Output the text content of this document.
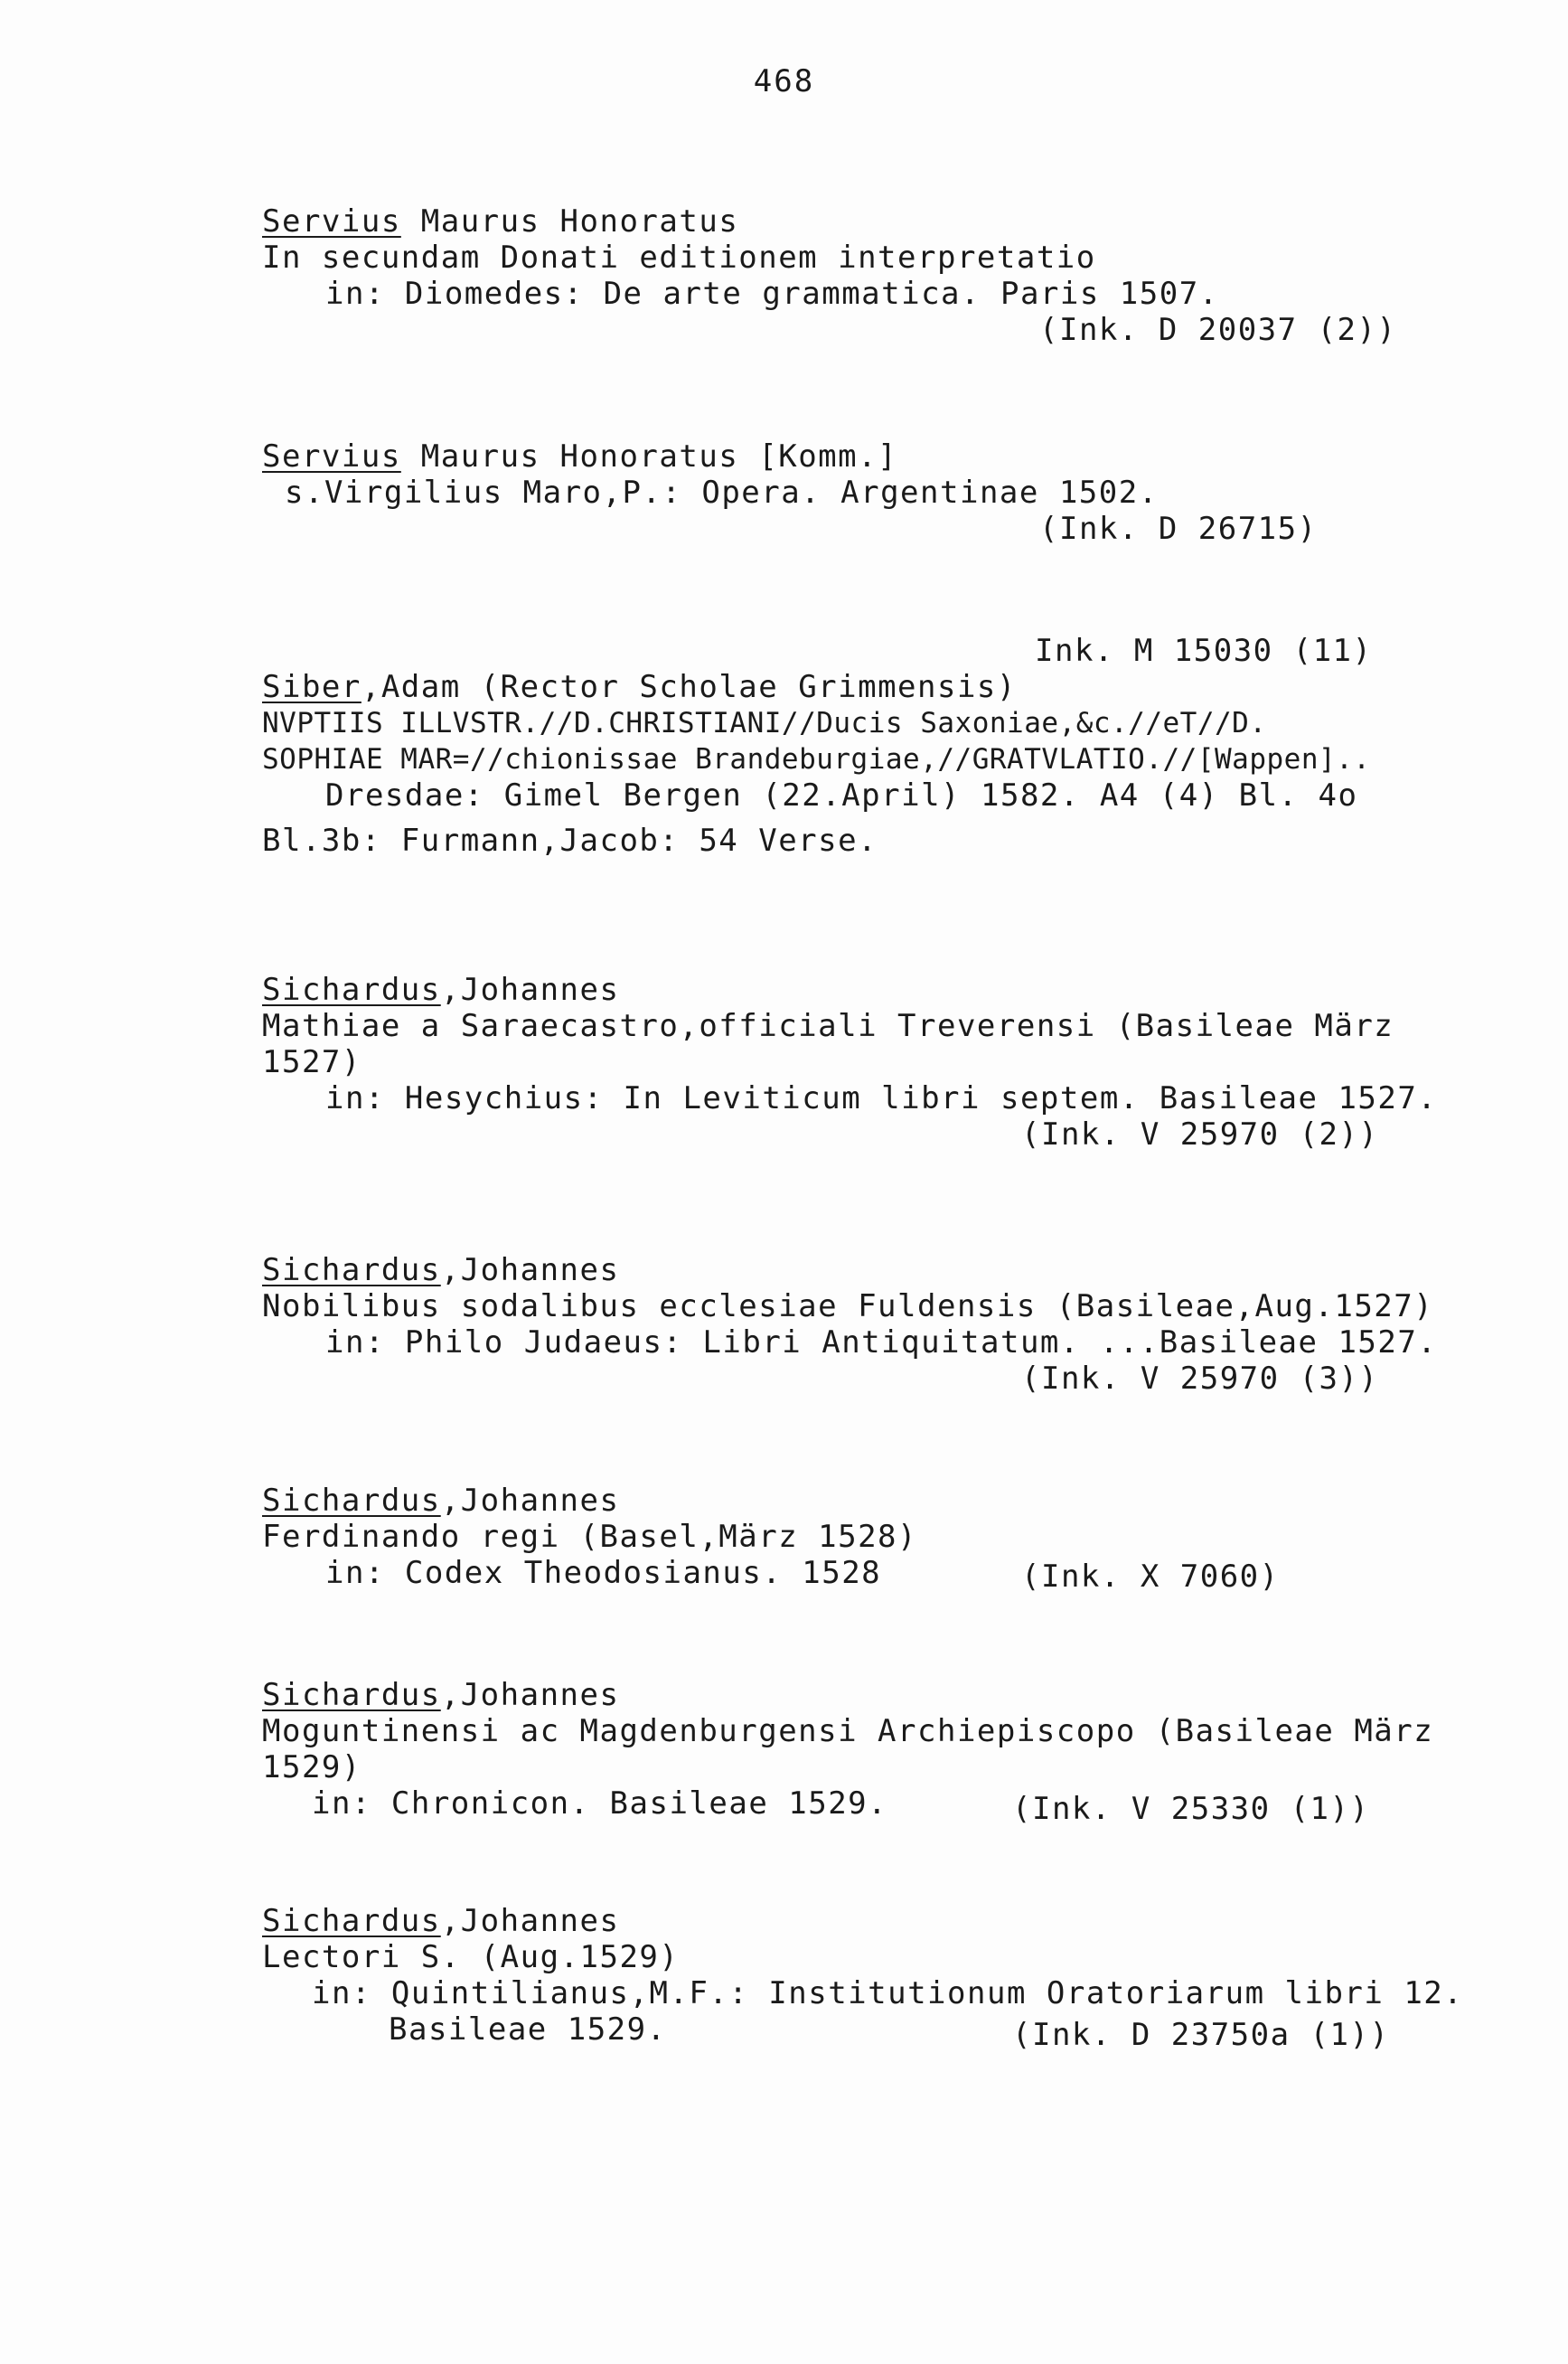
468
Servius Maurus Honoratus
In secundam Donati editionem interpretatio
in: Diomedes: De arte grammatica. Paris 1507.
(Ink. D 20037 (2))
Servius Maurus Honoratus [Komm.]
s.Virgilius Maro,P.: Opera. Argentinae 1502.
(Ink. D 26715)
Ink. M 15030 (11)
Siber,Adam (Rector Scholae Grimmensis)
NVPTIIS ILLVSTR.//D.CHRISTIANI//Ducis Saxoniae,&c.//eT//D.
SOPHIAE MAR=//chionissae Brandeburgiae,//GRATVLATIO.//[Wappen]..
Dresdae: Gimel Bergen (22.April) 1582. A4 (4) Bl. 4o
Bl.3b: Furmann,Jacob: 54 Verse.
Sichardus,Johannes
Mathiae a Saraecastro,officiali Treverensi (Basileae März
1527)
in: Hesychius: In Leviticum libri septem. Basileae 1527.
(Ink. V 25970 (2))
Sichardus,Johannes
Nobilibus sodalibus ecclesiae Fuldensis (Basileae,Aug.1527)
in: Philo Judaeus: Libri Antiquitatum. ...Basileae 1527.
(Ink. V 25970 (3))
Sichardus,Johannes
Ferdinando regi (Basel,März 1528)
in: Codex Theodosianus. 1528	(Ink. X 7060)
Sichardus,Johannes
Moguntinensi ac Magdenburgensi Archiepiscopo (Basileae März
1529)
in: Chronicon. Basileae 1529.	(Ink. V 25330 (1))
Sichardus,Johannes
Lectori S. (Aug.1529)
in: Quintilianus,M.F.: Institutionum Oratoriarum libri 12.
Basileae 1529.	(Ink. D 23750a (1))
